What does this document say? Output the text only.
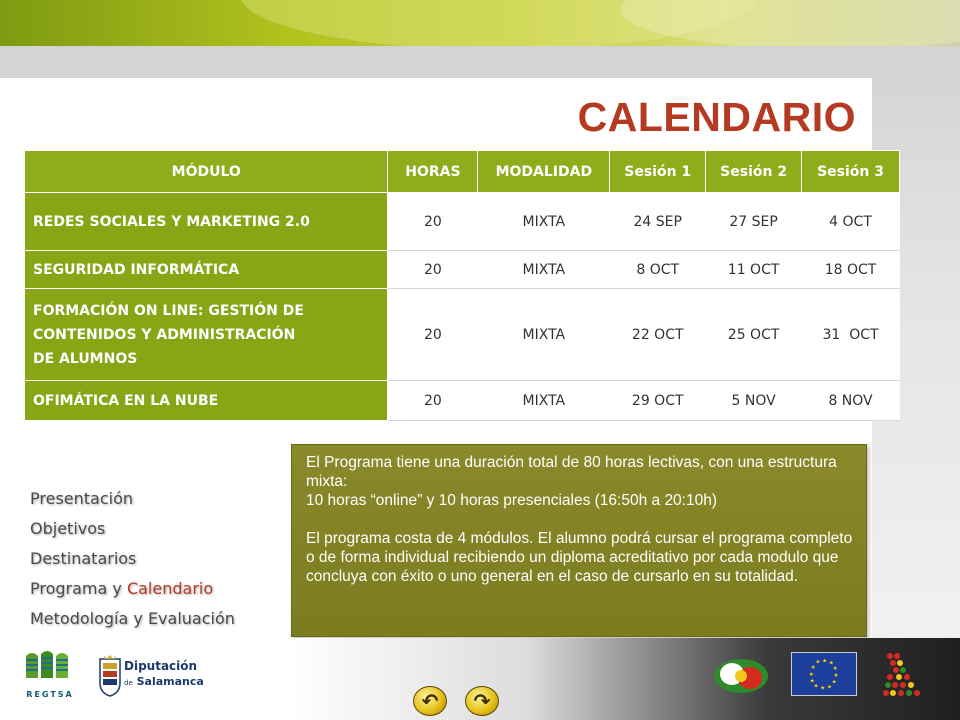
CALENDARIO
MÓDULO	HORAS	MODALIDAD	Sesión 1	Sesión 2	Sesión 3
REDES SOCIALES Y MARKETING 2.0	20	MIXTA	24 SEP	27 SEP	4 OCT
SEGURIDAD INFORMÁTICA	20	MIXTA	8 OCT	11 OCT	18 OCT

FORMACIÓN ON LINE: GESTIÓN DE
CONTENIDOS Y ADMINISTRACIÓN
DE ALUMNOS	20	MIXTA	22 OCT	25 OCT	31  OCT
OFIMÁTICA EN LA NUBE	20	MIXTA	29 OCT	5 NOV	8 NOV
Presentación
Objetivos
Destinatarios
Programa y Calendario
Metodología y Evaluación

El Programa tiene una duración total de 80 horas lectivas, con una estructura mixta:
10 horas “online” y 10 horas presenciales (16:50h a 20:10h)

El programa costa de 4 módulos. El alumno podrá cursar el programa completo o de forma individual recibiendo un diploma acreditativo por cada modulo que concluya con éxito o uno general en el caso de cursarlo en su totalidad.

REGTSA
Diputación
de Salamanca
↶ ↷
★ ★
★
★
★
★
★
★
★
★
★
★
